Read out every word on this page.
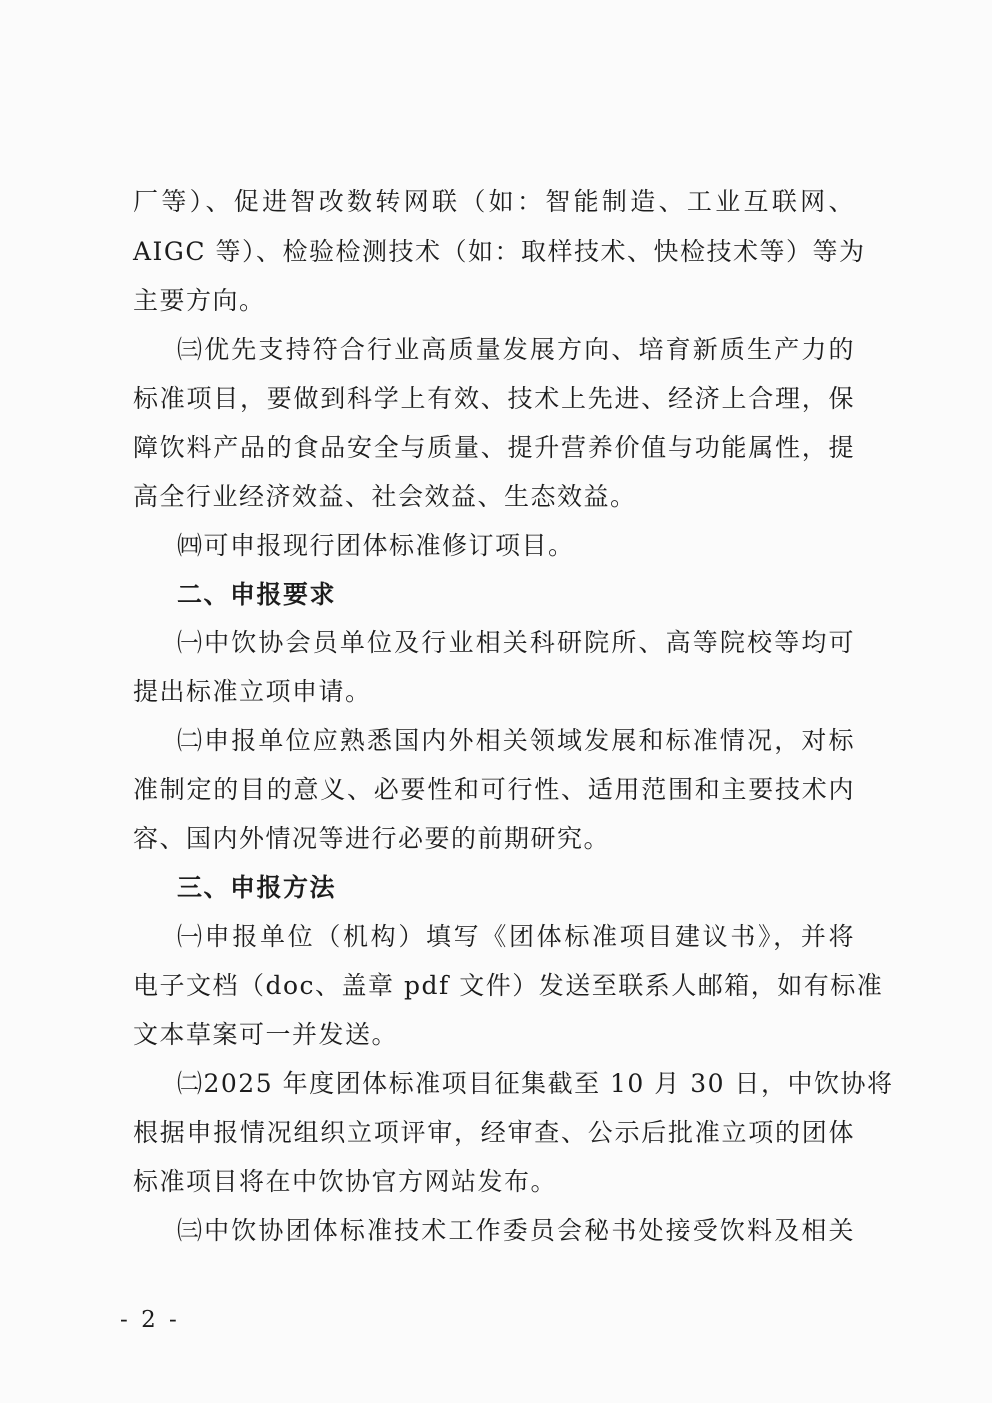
厂等）、促进智改数转网联（如：智能制造、工业互联网、
AIGC 等）、检验检测技术（如：取样技术、快检技术等）等为
主要方向。
㈢优先支持符合行业高质量发展方向、培育新质生产力的
标准项目，要做到科学上有效、技术上先进、经济上合理，保
障饮料产品的食品安全与质量、提升营养价值与功能属性，提
高全行业经济效益、社会效益、生态效益。
㈣可申报现行团体标准修订项目。
二、申报要求
㈠中饮协会员单位及行业相关科研院所、高等院校等均可
提出标准立项申请。
㈡申报单位应熟悉国内外相关领域发展和标准情况，对标
准制定的目的意义、必要性和可行性、适用范围和主要技术内
容、国内外情况等进行必要的前期研究。
三、申报方法
㈠申报单位（机构）填写《团体标准项目建议书》，并将
电子文档（doc、盖章 pdf 文件）发送至联系人邮箱，如有标准
文本草案可一并发送。
㈡2025 年度团体标准项目征集截至 10 月 30 日，中饮协将
根据申报情况组织立项评审，经审查、公示后批准立项的团体
标准项目将在中饮协官方网站发布。
㈢中饮协团体标准技术工作委员会秘书处接受饮料及相关
- 2 -
